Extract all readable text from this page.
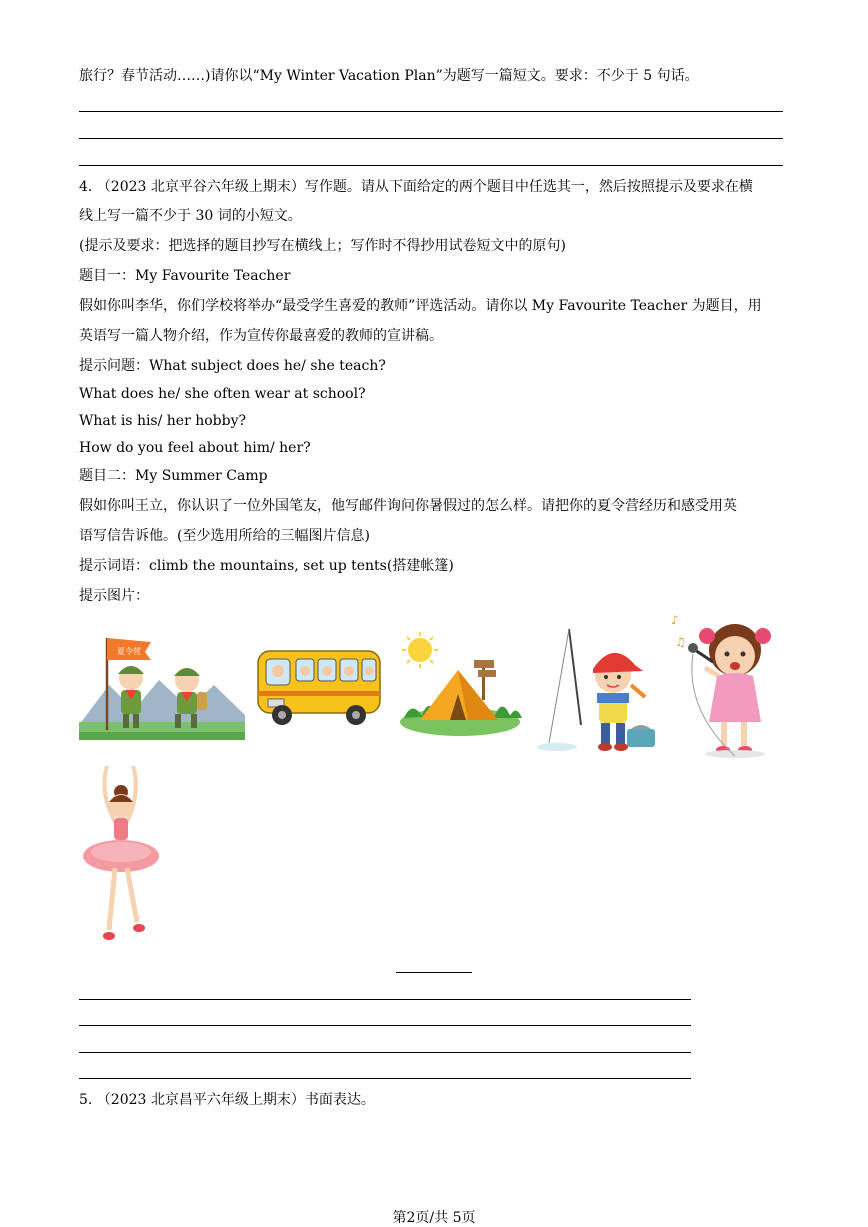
旅行？春节活动……)请你以“My Winter Vacation Plan”为题写一篇短文。要求：不少于 5 句话。
4. （2023 北京平谷六年级上期末）写作题。请从下面给定的两个题目中任选其一，然后按照提示及要求在横
线上写一篇不少于 30 词的小短文。
(提示及要求：把选择的题目抄写在横线上；写作时不得抄用试卷短文中的原句)
题目一：My Favourite Teacher
假如你叫李华，你们学校将举办“最受学生喜爱的教师”评选活动。请你以 My Favourite Teacher 为题目，用
英语写一篇人物介绍，作为宣传你最喜爱的教师的宣讲稿。
提示问题：What subject does he/ she teach?
What does he/ she often wear at school?
What is his/ her hobby?
How do you feel about him/ her?
题目二：My Summer Camp
假如你叫王立，你认识了一位外国笔友，他写邮件询问你暑假过的怎么样。请把你的夏令营经历和感受用英
语写信告诉他。(至少选用所给的三幅图片信息)
提示词语：climb the mountains, set up tents(搭建帐篷)
提示图片：
夏令营
♪
♫
5. （2023 北京昌平六年级上期末）书面表达。
第2页/共 5页
